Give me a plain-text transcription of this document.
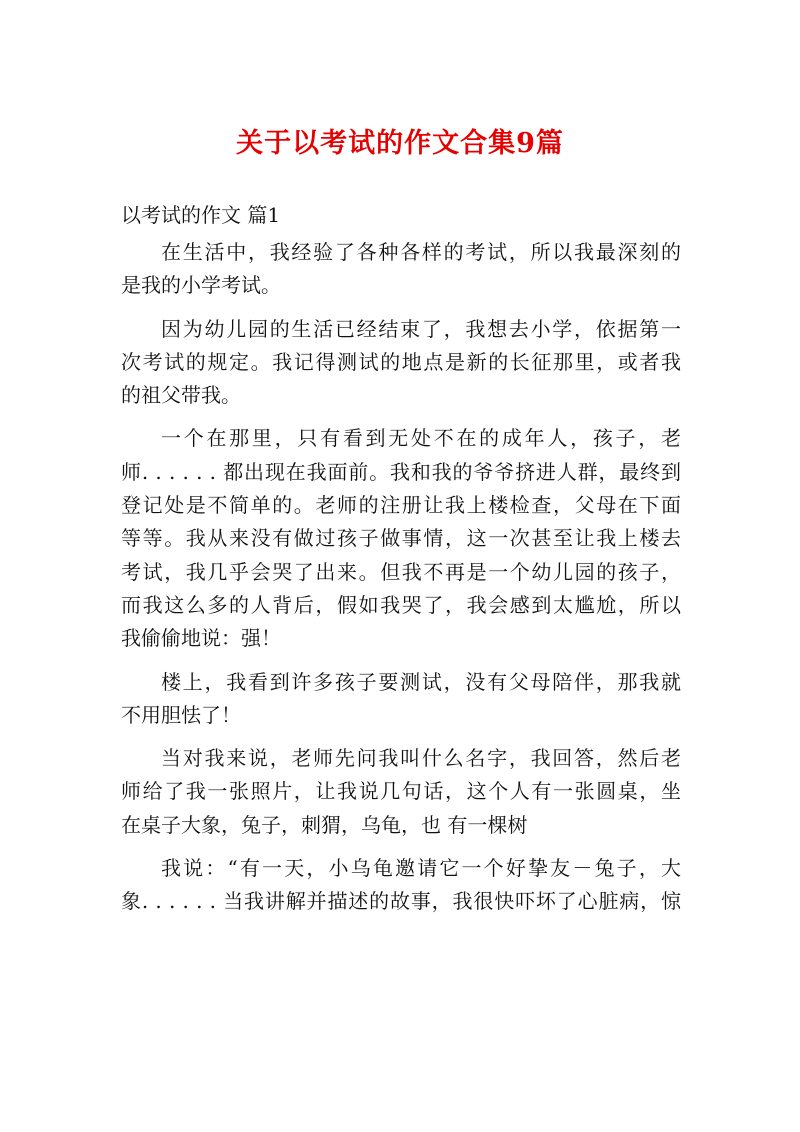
关于以考试的作文合集9篇
以考试的作文 篇1
在生活中，我经验了各种各样的考试，所以我最深刻的
是我的小学考试。
因为幼儿园的生活已经结束了，我想去小学，依据第一
次考试的规定。我记得测试的地点是新的长征那里，或者我
的祖父带我。
一个在那里，只有看到无处不在的成年人，孩子，老
师. . . . . . 都出现在我面前。我和我的爷爷挤进人群，最终到
登记处是不简单的。老师的注册让我上楼检查，父母在下面
等等。我从来没有做过孩子做事情，这一次甚至让我上楼去
考试，我几乎会哭了出来。但我不再是一个幼儿园的孩子，
而我这么多的人背后，假如我哭了，我会感到太尴尬，所以
我偷偷地说：强！
楼上，我看到许多孩子要测试，没有父母陪伴，那我就
不用胆怯了！
当对我来说，老师先问我叫什么名字，我回答，然后老
师给了我一张照片，让我说几句话，这个人有一张圆桌，坐
在桌子大象，兔子，刺猬，乌龟，也 有一棵树
我说：“有一天，小乌龟邀请它一个好挚友－兔子，大
象. . . . . . 当我讲解并描述的故事，我很快吓坏了心脏病，惊
